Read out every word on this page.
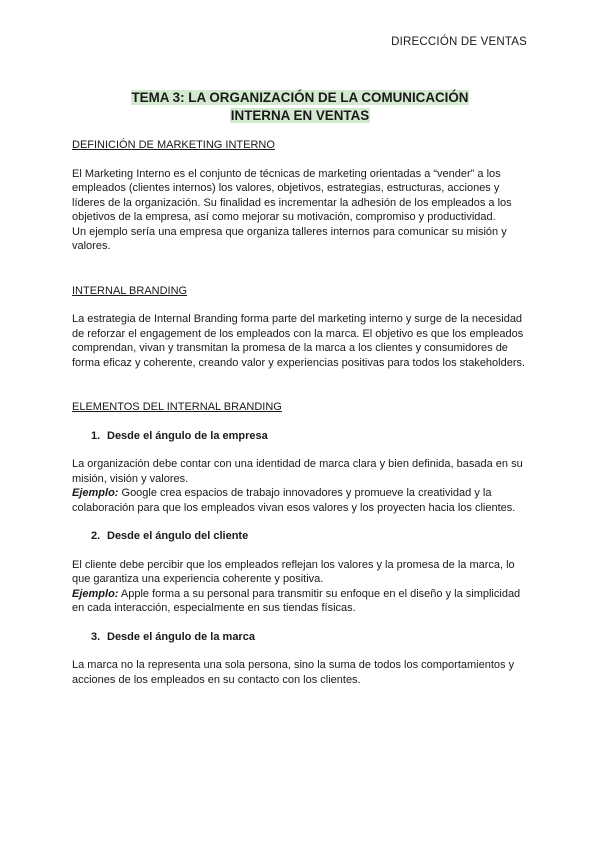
DIRECCIÓN DE VENTAS
TEMA 3: LA ORGANIZACIÓN DE LA COMUNICACIÓN
INTERNA EN VENTAS

DEFINICIÓN DE MARKETING INTERNO

El Marketing Interno es el conjunto de técnicas de marketing orientadas a “vender” a los empleados (clientes internos) los valores, objetivos, estrategias, estructuras, acciones y líderes de la organización. Su finalidad es incrementar la adhesión de los empleados a los objetivos de la empresa, así como mejorar su motivación, compromiso y productividad.

Un ejemplo sería una empresa que organiza talleres internos para comunicar su misión y valores.

INTERNAL BRANDING

La estrategia de Internal Branding forma parte del marketing interno y surge de la necesidad de reforzar el engagement de los empleados con la marca. El objetivo es que los empleados comprendan, vivan y transmitan la promesa de la marca a los clientes y consumidores de forma eficaz y coherente, creando valor y experiencias positivas para todos los stakeholders.

ELEMENTOS DEL INTERNAL BRANDING

1. Desde el ángulo de la empresa

La organización debe contar con una identidad de marca clara y bien definida, basada en su misión, visión y valores.

Ejemplo: Google crea espacios de trabajo innovadores y promueve la creatividad y la colaboración para que los empleados vivan esos valores y los proyecten hacia los clientes.

2. Desde el ángulo del cliente

El cliente debe percibir que los empleados reflejan los valores y la promesa de la marca, lo que garantiza una experiencia coherente y positiva.

Ejemplo: Apple forma a su personal para transmitir su enfoque en el diseño y la simplicidad en cada interacción, especialmente en sus tiendas físicas.

3. Desde el ángulo de la marca

La marca no la representa una sola persona, sino la suma de todos los comportamientos y acciones de los empleados en su contacto con los clientes.
